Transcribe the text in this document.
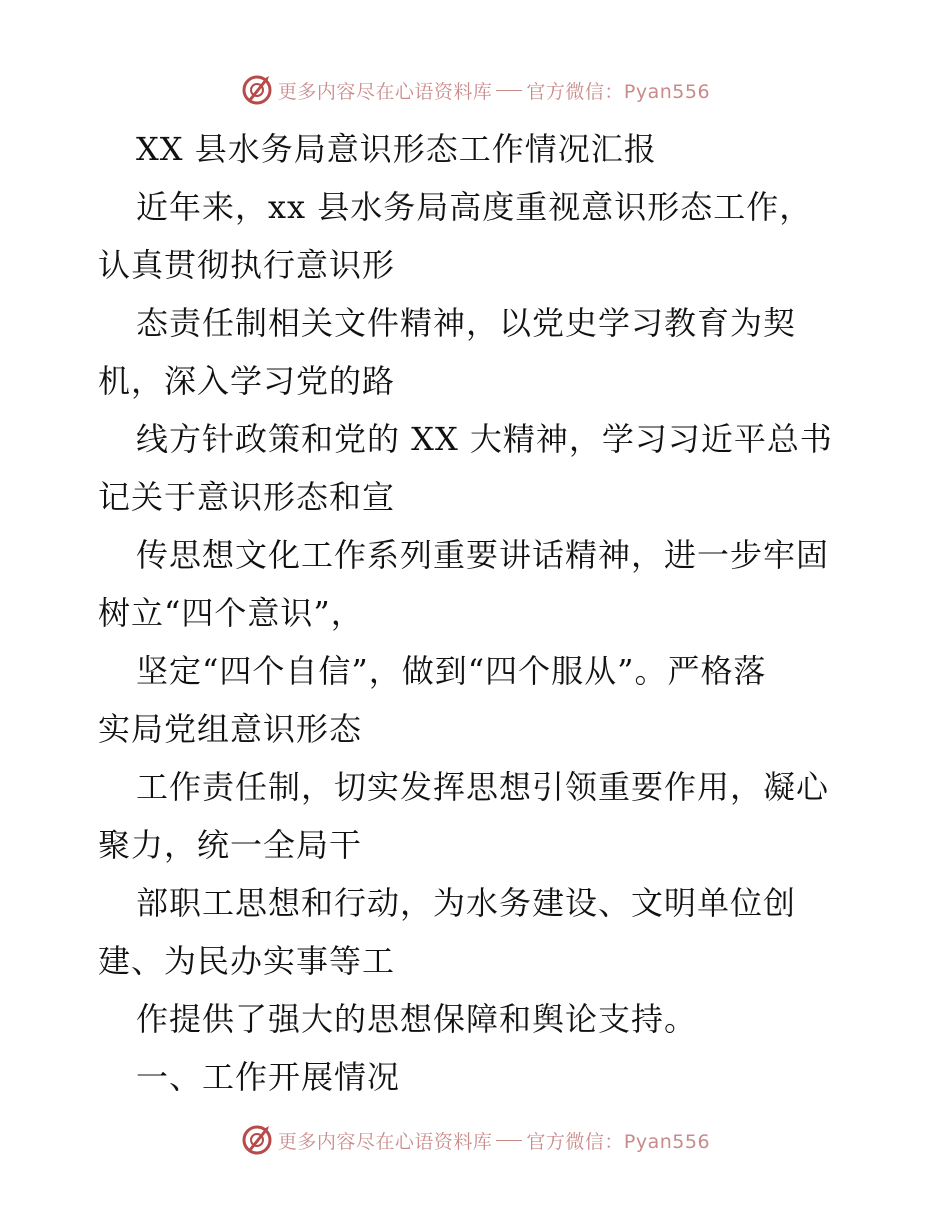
更多内容尽在心语资料库 官方微信：Pyan556
XX 县水务局意识形态工作情况汇报
近年来，xx 县水务局高度重视意识形态工作，
认真贯彻执行意识形
态责任制相关文件精神，以党史学习教育为契
机，深入学习党的路
线方针政策和党的 XX 大精神，学习习近平总书
记关于意识形态和宣
传思想文化工作系列重要讲话精神，进一步牢固
树立“四个意识”，
坚定“四个自信”，做到“四个服从”。严格落
实局党组意识形态
工作责任制，切实发挥思想引领重要作用，凝心
聚力，统一全局干
部职工思想和行动，为水务建设、文明单位创
建、为民办实事等工
作提供了强大的思想保障和舆论支持。
一、工作开展情况
更多内容尽在心语资料库 官方微信：Pyan556
